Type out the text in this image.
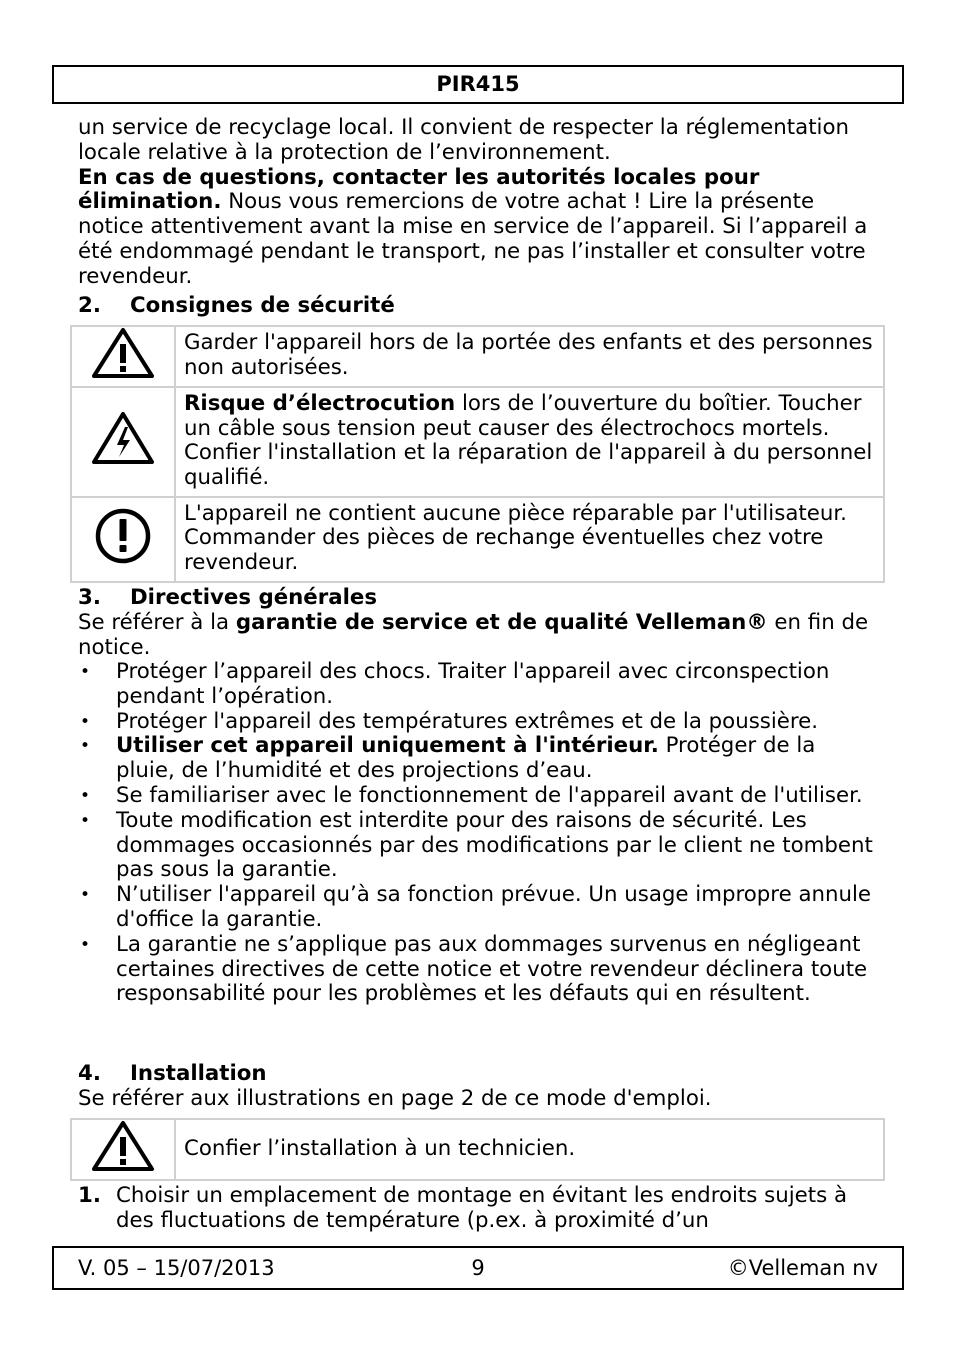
PIR415
un service de recyclage local. Il convient de respecter la réglementation locale relative à la protection de l’environnement.
En cas de questions, contacter les autorités locales pour élimination. Nous vous remercions de votre achat ! Lire la présente notice attentivement avant la mise en service de l’appareil. Si l’appareil a été endommagé pendant le transport, ne pas l’installer et consulter votre revendeur.
2. Consignes de sécurité
	Garder l'appareil hors de la portée des enfants et des personnes non autorisées.
	Risque d’électrocution lors de l’ouverture du boîtier. Toucher un câble sous tension peut causer des électrochocs mortels. Confier l'installation et la réparation de l'appareil à du personnel qualifié.
	L'appareil ne contient aucune pièce réparable par l'utilisateur. Commander des pièces de rechange éventuelles chez votre revendeur.
3. Directives générales
Se référer à la garantie de service et de qualité Velleman® en fin de notice.
• Protéger l’appareil des chocs. Traiter l'appareil avec circonspection pendant l’opération.
• Protéger l'appareil des températures extrêmes et de la poussière.
• Utiliser cet appareil uniquement à l'intérieur. Protéger de la pluie, de l’humidité et des projections d’eau.
• Se familiariser avec le fonctionnement de l'appareil avant de l'utiliser.
• Toute modification est interdite pour des raisons de sécurité. Les dommages occasionnés par des modifications par le client ne tombent pas sous la garantie.
• N’utiliser l'appareil qu’à sa fonction prévue. Un usage impropre annule d'office la garantie.
• La garantie ne s’applique pas aux dommages survenus en négligeant certaines directives de cette notice et votre revendeur déclinera toute responsabilité pour les problèmes et les défauts qui en résultent.
4. Installation
Se référer aux illustrations en page 2 de ce mode d'emploi.
	Confier l’installation à un technicien.
1. Choisir un emplacement de montage en évitant les endroits sujets à des fluctuations de température (p.ex. à proximité d’un
9
V. 05 – 15/07/2013	©Velleman nv
